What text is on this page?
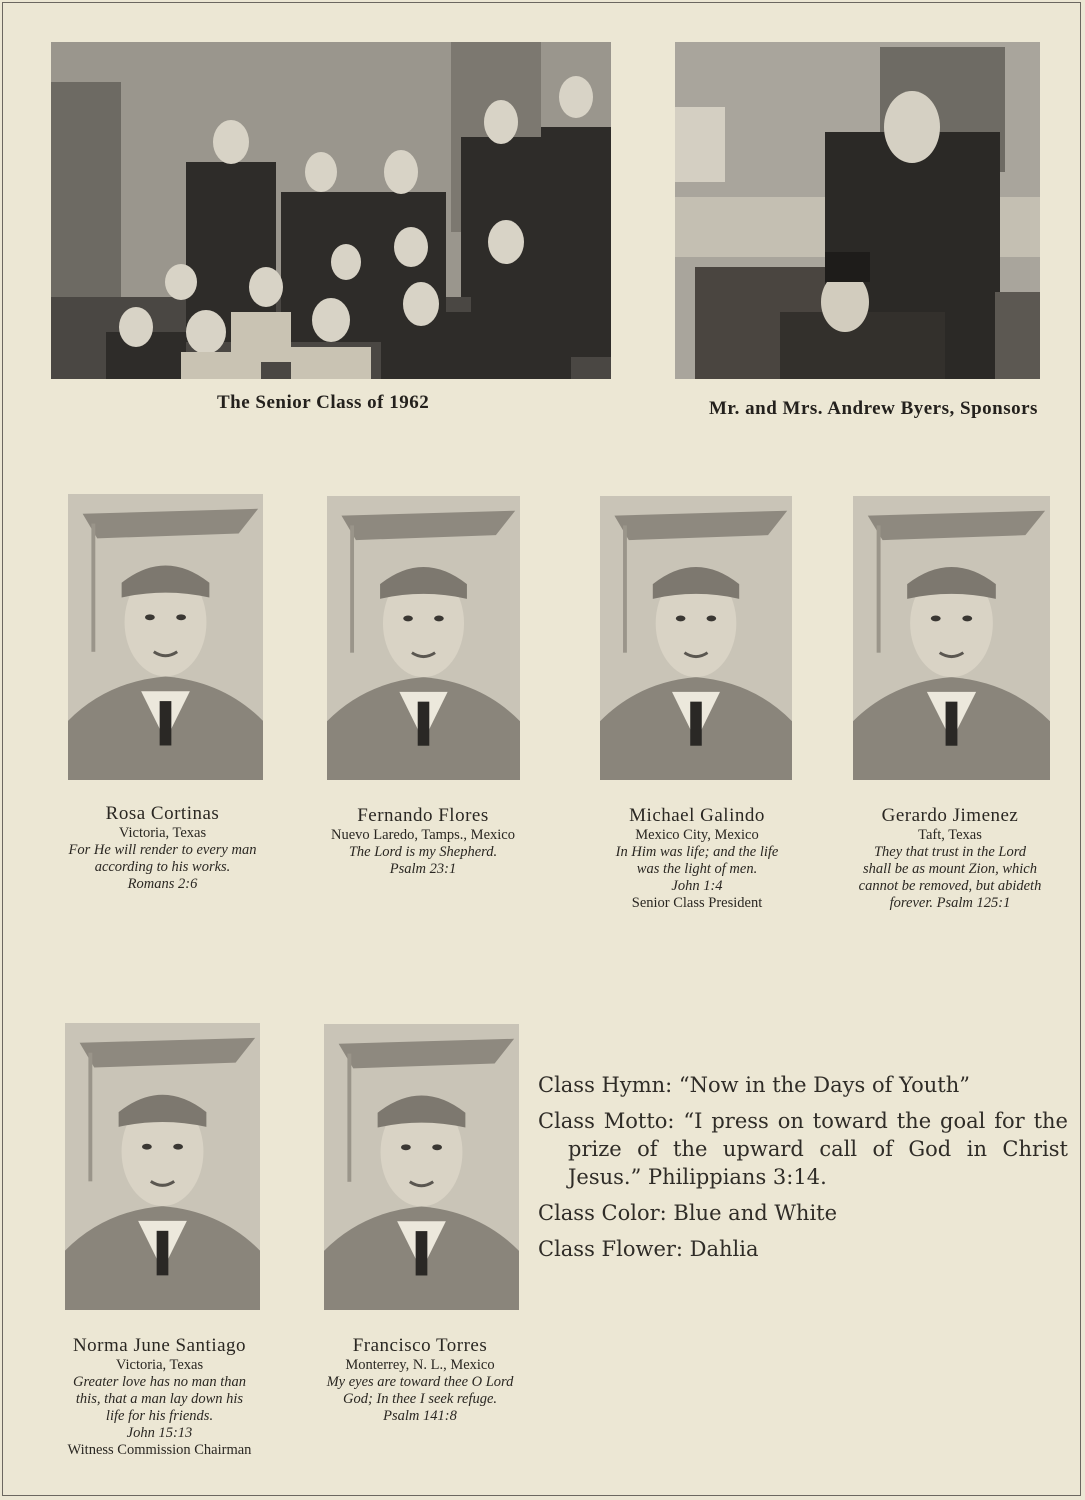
The Senior Class of 1962	Mr. and Mrs. Andrew Byers, Sponsors
Rosa Cortinas
Victoria, Texas
For He will render to every man
according to his works.
Romans 2:6
Fernando Flores
Nuevo Laredo, Tamps., Mexico
The Lord is my Shepherd.
Psalm 23:1
Michael Galindo
Mexico City, Mexico
In Him was life; and the life
was the light of men.
John 1:4
Senior Class President
Gerardo Jimenez
Taft, Texas
They that trust in the Lord
shall be as mount Zion, which
cannot be removed, but abideth
forever. Psalm 125:1
Norma June Santiago
Victoria, Texas
Greater love has no man than
this, that a man lay down his
life for his friends.
John 15:13
Witness Commission Chairman
Francisco Torres
Monterrey, N. L., Mexico
My eyes are toward thee O Lord
God; In thee I seek refuge.
Psalm 141:8
Class Hymn: “Now in the Days of Youth”
Class Motto: “I press on toward the goal for the prize of the upward call of God in Christ Jesus.” Philippians 3:14.
Class Color: Blue and White
Class Flower: Dahlia
